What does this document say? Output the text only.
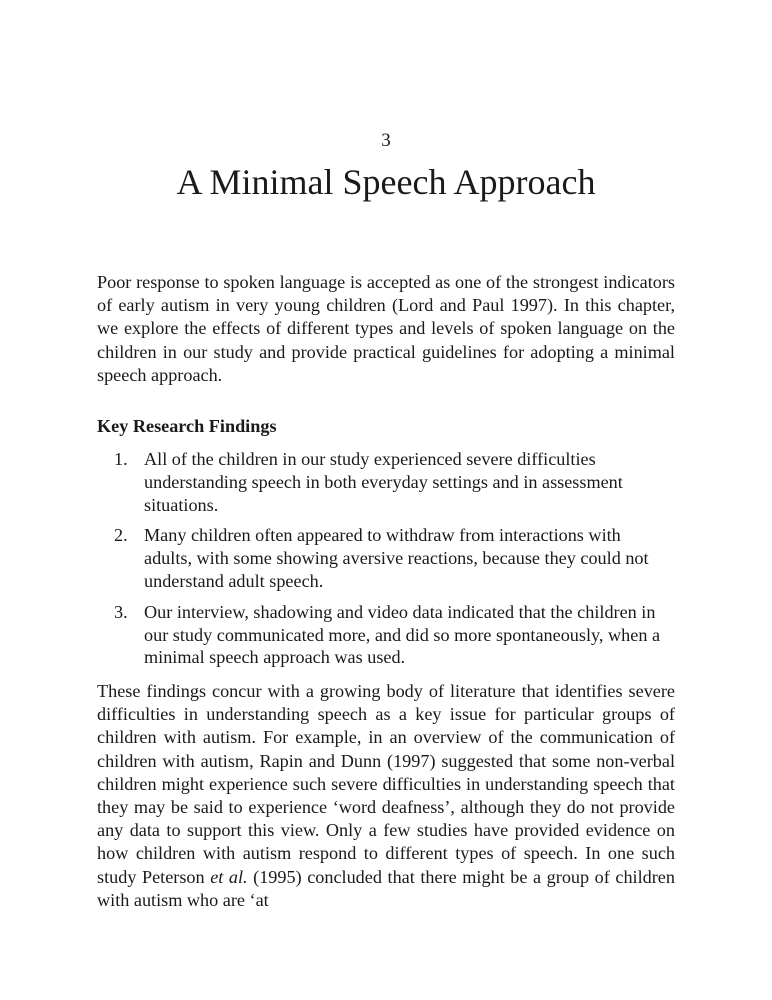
3
A Minimal Speech Approach

Poor response to spoken language is accepted as one of the strongest indicators of early autism in very young children (Lord and Paul 1997). In this chapter, we explore the effects of different types and levels of spoken language on the children in our study and provide practical guidelines for adopting a minimal speech approach.

Key Research Findings
1. All of the children in our study experienced severe difficulties understanding speech in both everyday settings and in assessment situations.
2. Many children often appeared to withdraw from interactions with adults, with some showing aversive reactions, because they could not understand adult speech.
3. Our interview, shadowing and video data indicated that the children in our study communicated more, and did so more spontaneously, when a minimal speech approach was used.

These findings concur with a growing body of literature that identifies severe difficulties in understanding speech as a key issue for particular groups of children with autism. For example, in an overview of the communication of children with autism, Rapin and Dunn (1997) suggested that some non-verbal children might experience such severe difficulties in understanding speech that they may be said to experience ‘word deafness’, although they do not provide any data to support this view. Only a few studies have provided evidence on how children with autism respond to different types of speech. In one such study Peterson et al. (1995) concluded that there might be a group of children with autism who are ‘at
